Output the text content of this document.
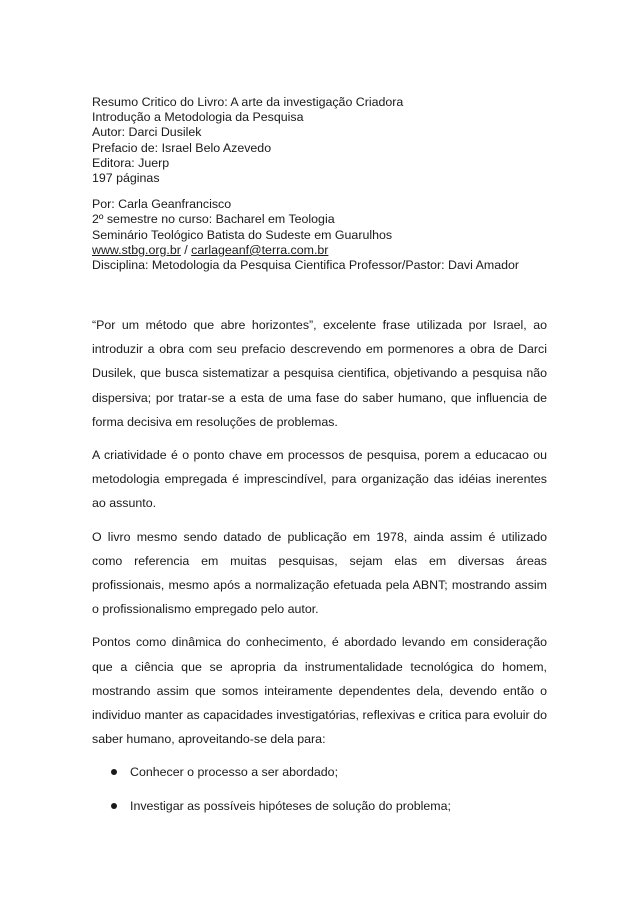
Resumo Critico do Livro: A arte da investigação Criadora
Introdução a Metodologia da Pesquisa
Autor: Darci Dusilek
Prefacio de: Israel Belo Azevedo
Editora: Juerp
197 páginas
Por: Carla Geanfrancisco
2º semestre no curso: Bacharel em Teologia
Seminário Teológico Batista do Sudeste em Guarulhos
www.stbg.org.br / carlageanf@terra.com.br
Disciplina: Metodologia da Pesquisa Cientifica Professor/Pastor: Davi Amador

“Por um método que abre horizontes”, excelente frase utilizada por Israel, ao introduzir a obra com seu prefacio descrevendo em pormenores a obra de Darci Dusilek, que busca sistematizar a pesquisa cientifica, objetivando a pesquisa não dispersiva; por tratar-se a esta de uma fase do saber humano, que influencia de forma decisiva em resoluções de problemas.

A criatividade é o ponto chave em processos de pesquisa, porem a educacao ou metodologia empregada é imprescindível, para organização das idéias inerentes ao assunto.

O livro mesmo sendo datado de publicação em 1978, ainda assim é utilizado como referencia em muitas pesquisas, sejam elas em diversas áreas profissionais, mesmo após a normalização efetuada pela ABNT; mostrando assim o profissionalismo empregado pelo autor.

Pontos como dinâmica do conhecimento, é abordado levando em consideração que a ciência que se apropria da instrumentalidade tecnológica do homem, mostrando assim que somos inteiramente dependentes dela, devendo então o individuo manter as capacidades investigatórias, reflexivas e critica para evoluir do saber humano, aproveitando-se dela para:

Conhecer o processo a ser abordado;
Investigar as possíveis hipóteses de solução do problema;
